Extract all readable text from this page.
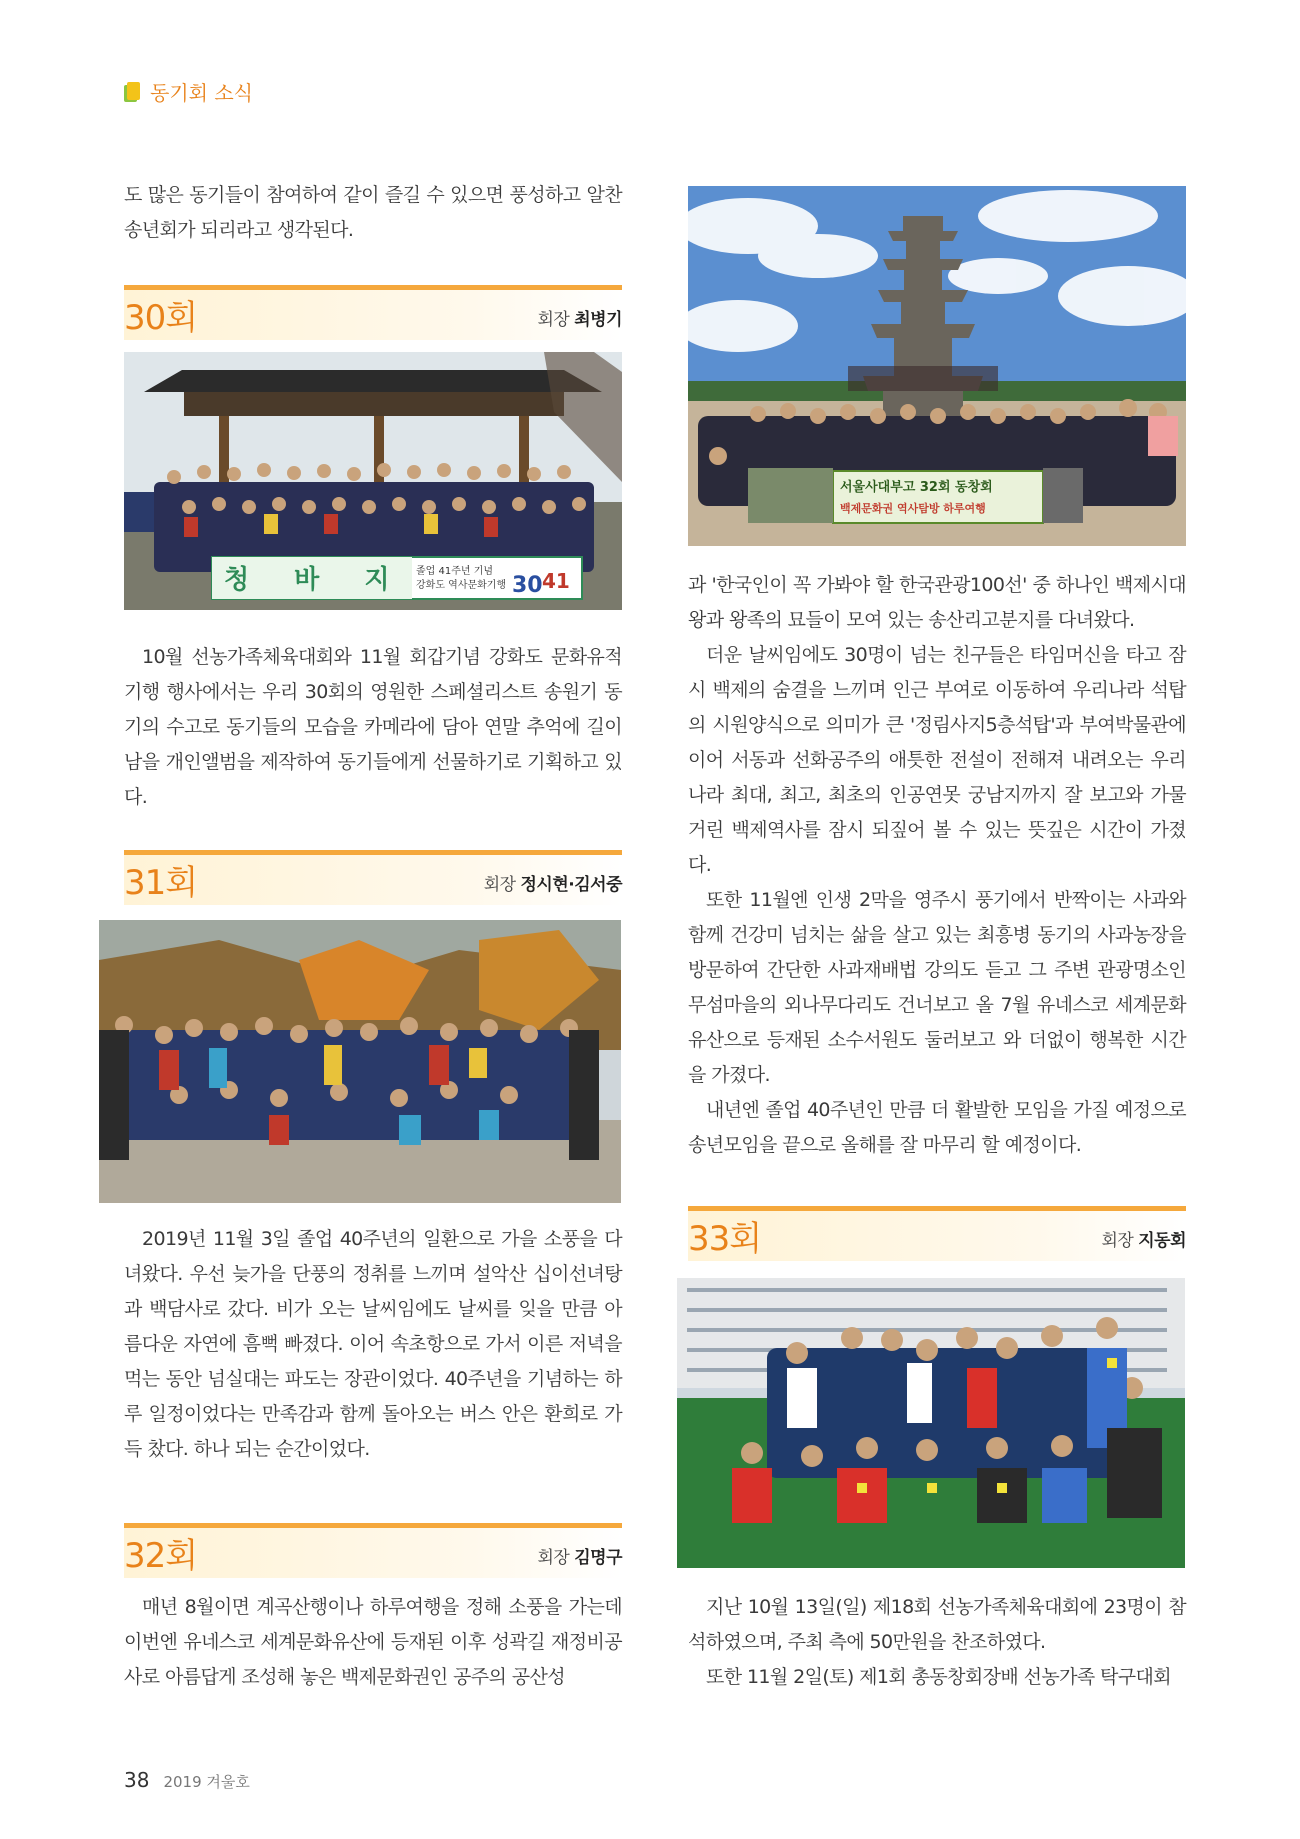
동기회 소식

도 많은 동기들이 참여하여 같이 즐길 수 있으면 풍성하고 알찬 송년회가 되리라고 생각된다.

30회	회장 최병기
청 바 지 졸업 41주년 기념
강화도 역사문화기행 30 41

10월 선농가족체육대회와 11월 회갑기념 강화도 문화유적 기행 행사에서는 우리 30회의 영원한 스페셜리스트 송원기 동기의 수고로 동기들의 모습을 카메라에 담아 연말 추억에 길이 남을 개인앨범을 제작하여 동기들에게 선물하기로 기획하고 있다.

31회	회장 정시현·김서중

2019년 11월 3일 졸업 40주년의 일환으로 가을 소풍을 다녀왔다. 우선 늦가을 단풍의 정취를 느끼며 설악산 십이선녀탕과 백담사로 갔다. 비가 오는 날씨임에도 날씨를 잊을 만큼 아름다운 자연에 흠뻑 빠졌다. 이어 속초항으로 가서 이른 저녁을 먹는 동안 넘실대는 파도는 장관이었다. 40주년을 기념하는 하루 일정이었다는 만족감과 함께 돌아오는 버스 안은 환희로 가득 찼다. 하나 되는 순간이었다.

32회	회장 김명구

매년 8월이면 계곡산행이나 하루여행을 정해 소풍을 가는데 이번엔 유네스코 세계문화유산에 등재된 이후 성곽길 재정비공사로 아름답게 조성해 놓은 백제문화권인 공주의 공산성

서울사대부고 32회 동창회
백제문화권 역사탐방 하루여행

과 '한국인이 꼭 가봐야 할 한국관광100선' 중 하나인 백제시대 왕과 왕족의 묘들이 모여 있는 송산리고분지를 다녀왔다.

더운 날씨임에도 30명이 넘는 친구들은 타임머신을 타고 잠시 백제의 숨결을 느끼며 인근 부여로 이동하여 우리나라 석탑의 시원양식으로 의미가 큰 '정림사지5층석탑'과 부여박물관에 이어 서동과 선화공주의 애틋한 전설이 전해져 내려오는 우리나라 최대, 최고, 최초의 인공연못 궁남지까지 잘 보고와 가물거린 백제역사를 잠시 되짚어 볼 수 있는 뜻깊은 시간이 가졌다.

또한 11월엔 인생 2막을 영주시 풍기에서 반짝이는 사과와 함께 건강미 넘치는 삶을 살고 있는 최흥병 동기의 사과농장을 방문하여 간단한 사과재배법 강의도 듣고 그 주변 관광명소인 무섬마을의 외나무다리도 건너보고 올 7월 유네스코 세계문화유산으로 등재된 소수서원도 둘러보고 와 더없이 행복한 시간을 가졌다.

내년엔 졸업 40주년인 만큼 더 활발한 모임을 가질 예정으로 송년모임을 끝으로 올해를 잘 마무리 할 예정이다.

33회	회장 지동회

지난 10월 13일(일) 제18회 선농가족체육대회에 23명이 참석하였으며, 주최 측에 50만원을 찬조하였다.

또한 11월 2일(토) 제1회 총동창회장배 선농가족 탁구대회

38 2019 겨울호
